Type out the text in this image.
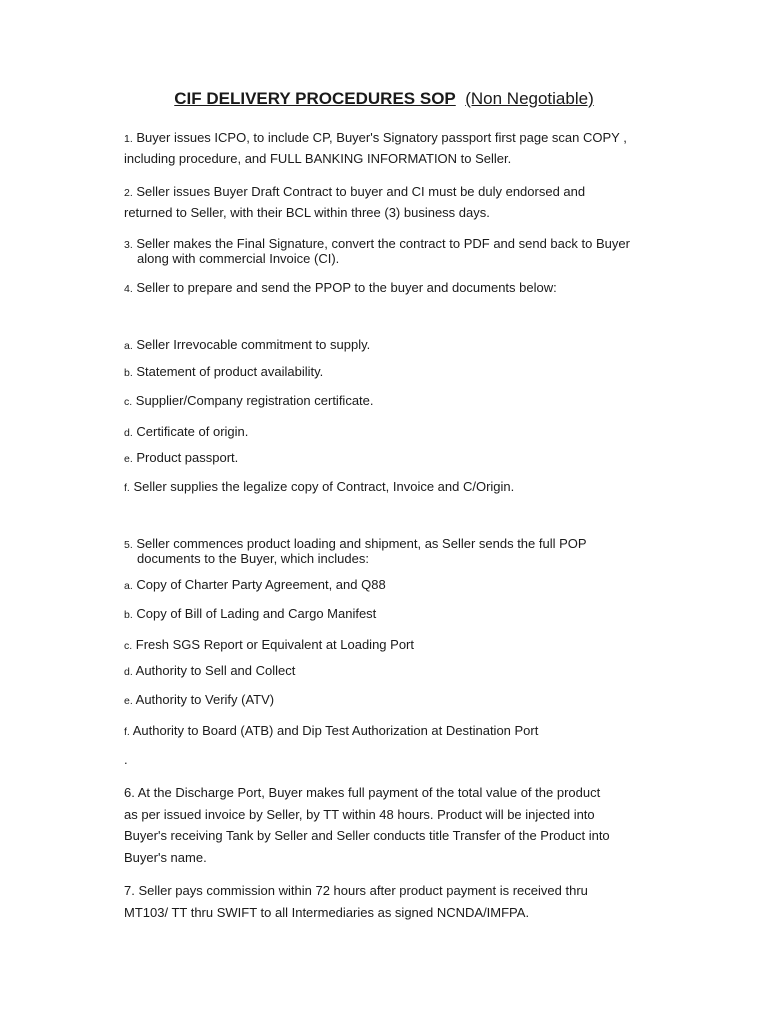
CIF DELIVERY PROCEDURES SOP (Non Negotiable)
1. Buyer issues ICPO, to include CP, Buyer's Signatory passport first page scan COPY ,
including procedure, and FULL BANKING INFORMATION to Seller.
2. Seller issues Buyer Draft Contract to buyer and CI must be duly endorsed and
returned to Seller, with their BCL within three (3) business days.
3. Seller makes the Final Signature, convert the contract to PDF and send back to Buyer
along with commercial Invoice (CI).
4. Seller to prepare and send the PPOP to the buyer and documents below:
a. Seller Irrevocable commitment to supply.
b. Statement of product availability.
c. Supplier/Company registration certificate.
d. Certificate of origin.
e. Product passport.
f. Seller supplies the legalize copy of Contract, Invoice and C/Origin.
5. Seller commences product loading and shipment, as Seller sends the full POP
documents to the Buyer, which includes:
a. Copy of Charter Party Agreement, and Q88
b. Copy of Bill of Lading and Cargo Manifest
c. Fresh SGS Report or Equivalent at Loading Port
d. Authority to Sell and Collect
e. Authority to Verify (ATV)
f. Authority to Board (ATB) and Dip Test Authorization at Destination Port
.
6. At the Discharge Port, Buyer makes full payment of the total value of the product
as per issued invoice by Seller, by TT within 48 hours. Product will be injected into
Buyer's receiving Tank by Seller and Seller conducts title Transfer of the Product into
Buyer's name.
7. Seller pays commission within 72 hours after product payment is received thru
MT103/ TT thru SWIFT to all Intermediaries as signed NCNDA/IMFPA.
